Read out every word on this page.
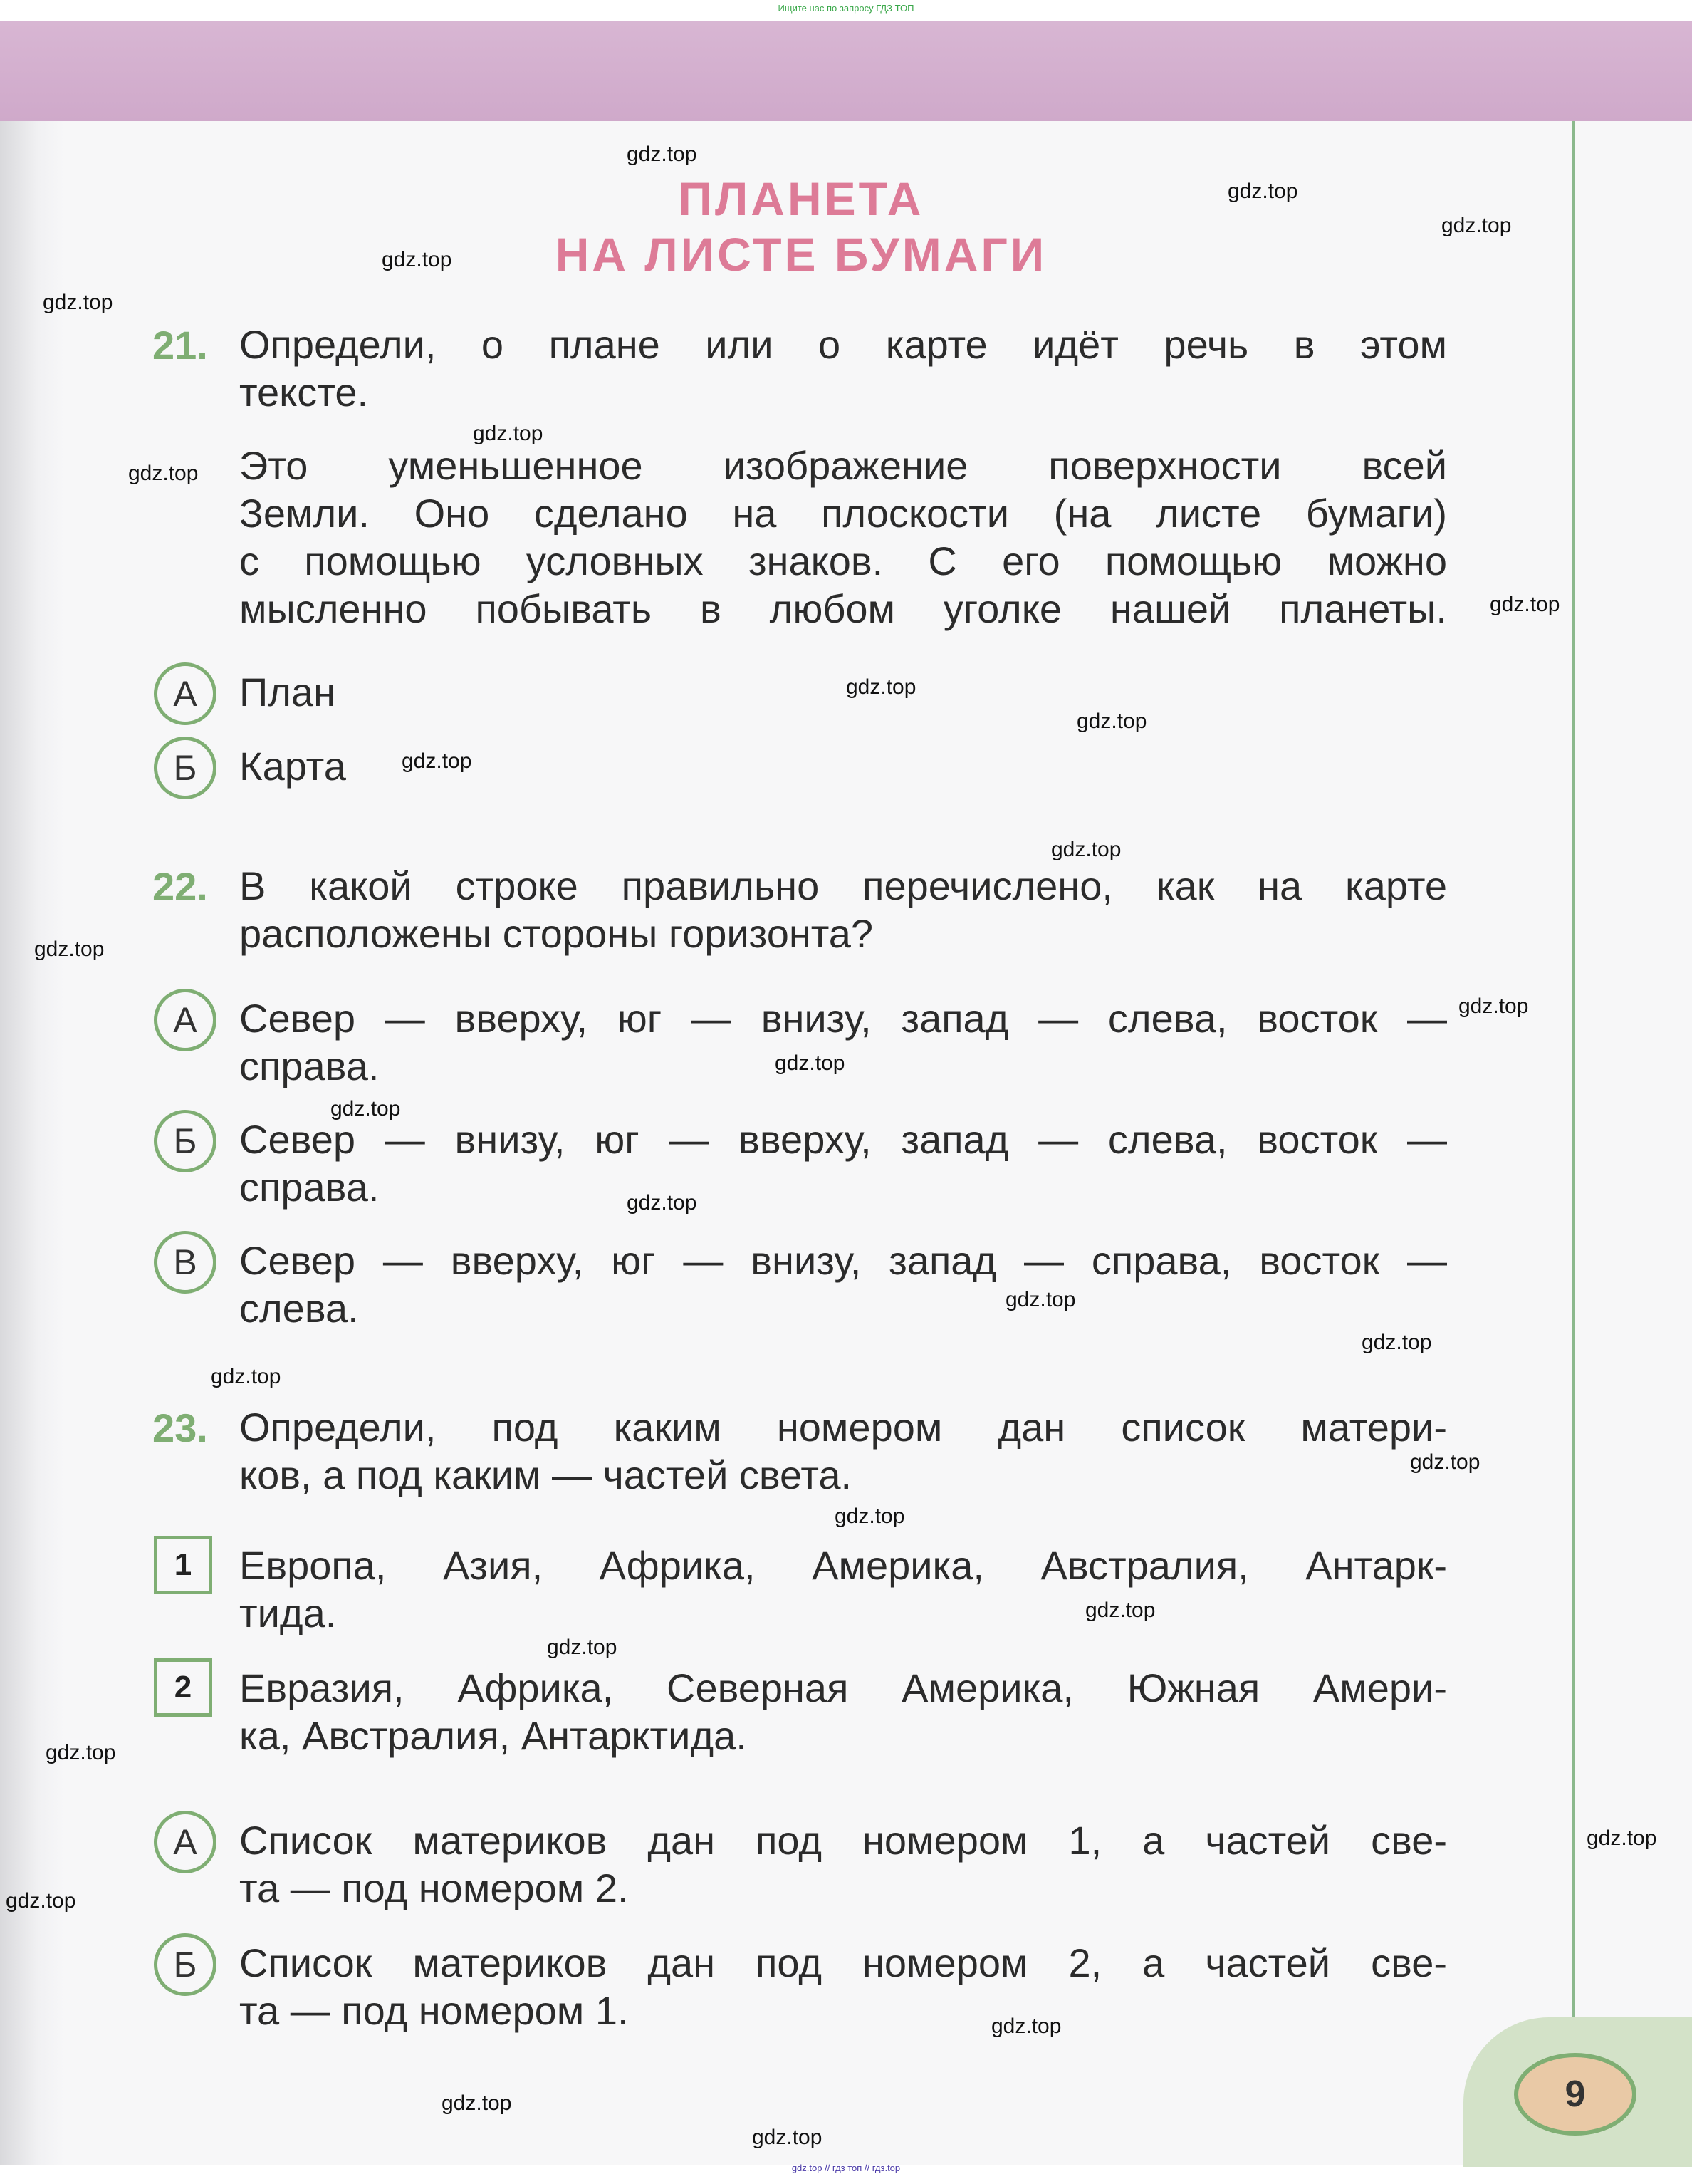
Ищите нас по запросу ГДЗ ТОП
9
ПЛАНЕТА
НА ЛИСТЕ БУМАГИ
21. Определи, о плане или о карте идёт речь в этом
тексте.
Это уменьшенное изображение поверхности всей
Земли. Оно сделано на плоскости (на листе бумаги)
с помощью условных знаков. С его помощью можно
мысленно побывать в любом уголке нашей планеты.
А	План
Б	Карта
22. В какой строке правильно перечислено, как на карте
расположены стороны горизонта?
А	Север — вверху, юг — внизу, запад — слева, восток —
справа.
Б	Север — внизу, юг — вверху, запад — слева, восток —
справа.
В	Север — вверху, юг — внизу, запад — справа, восток —
слева.
23. Определи, под каким номером дан список матери-
ков, а под каким — частей света.
1	Европа, Азия, Африка, Америка, Австралия, Антарк-
тида.
2	Евразия, Африка, Северная Америка, Южная Амери-
ка, Австралия, Антарктида.
А	Список материков дан под номером 1, а частей све-
та — под номером 2.
Б	Список материков дан под номером 2, а частей све-
та — под номером 1.
gdz.top
gdz.top
gdz.top
gdz.top
gdz.top
gdz.top
gdz.top
gdz.top
gdz.top
gdz.top
gdz.top
gdz.top
gdz.top
gdz.top
gdz.top
gdz.top
gdz.top
gdz.top
gdz.top
gdz.top
gdz.top
gdz.top
gdz.top
gdz.top
gdz.top
gdz.top
gdz.top
gdz.top
gdz.top
gdz.top
gdz.top // гдз топ // гдз.top
